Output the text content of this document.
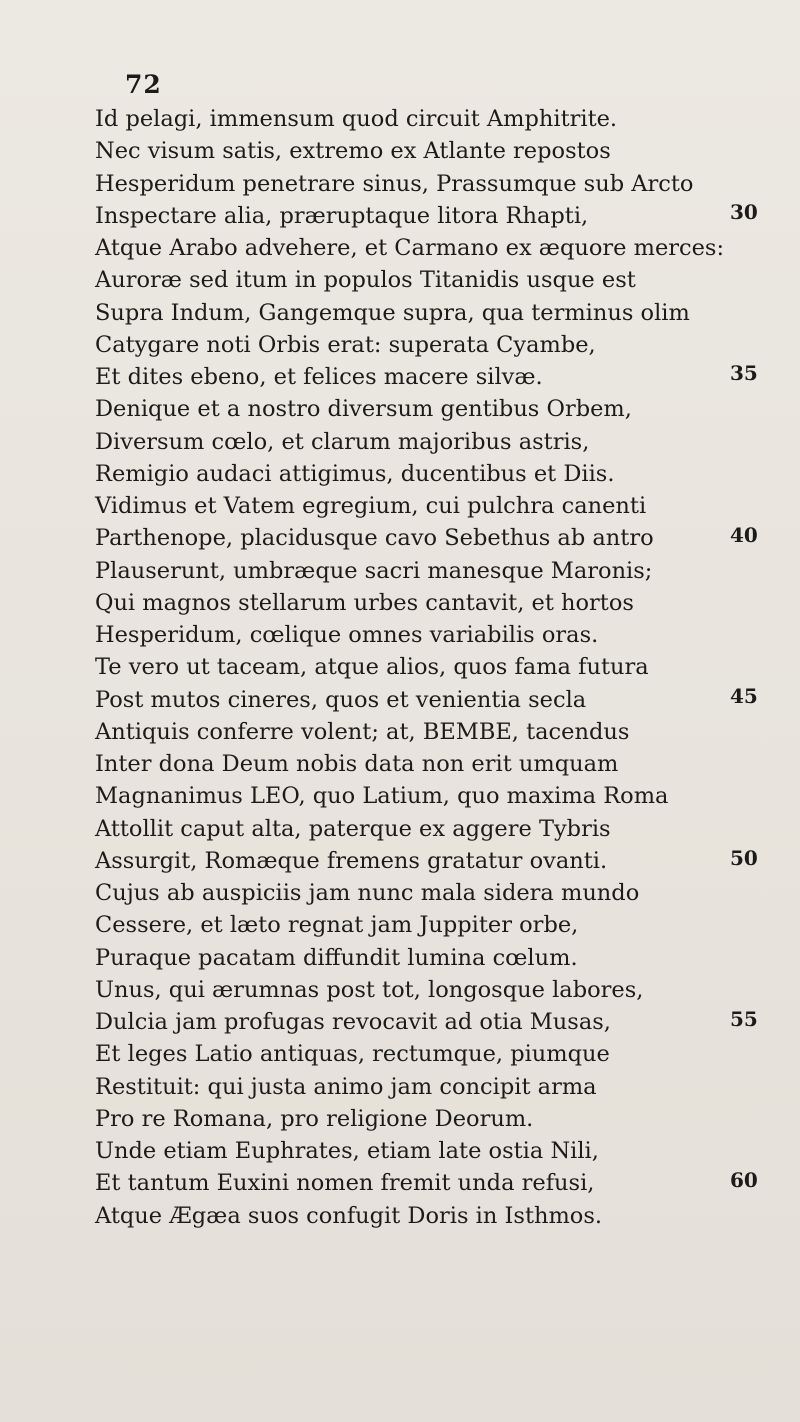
72
Id pelagi, immensum quod circuit Amphitrite.
Nec visum satis, extremo ex Atlante repostos
Hesperidum penetrare sinus, Prassumque sub Arcto
Inspectare alia, præruptaque litora Rhapti,
Atque Arabo advehere, et Carmano ex æquore merces:
Auroræ sed itum in populos Titanidis usque est
Supra Indum, Gangemque supra, qua terminus olim
Catygare noti Orbis erat: superata Cyambe,
Et dites ebeno, et felices macere silvæ.
Denique et a nostro diversum gentibus Orbem,
Diversum cœlo, et clarum majoribus astris,
Remigio audaci attigimus, ducentibus et Diis.
Vidimus et Vatem egregium, cui pulchra canenti
Parthenope, placidusque cavo Sebethus ab antro
Plauserunt, umbræque sacri manesque Maronis;
Qui magnos stellarum urbes cantavit, et hortos
Hesperidum, cœlique omnes variabilis oras.
Te vero ut taceam, atque alios, quos fama futura
Post mutos cineres, quos et venientia secla
Antiquis conferre volent; at, BEMBE, tacendus
Inter dona Deum nobis data non erit umquam
Magnanimus LEO, quo Latium, quo maxima Roma
Attollit caput alta, paterque ex aggere Tybris
Assurgit, Romæque fremens gratatur ovanti.
Cujus ab auspiciis jam nunc mala sidera mundo
Cessere, et læto regnat jam Juppiter orbe,
Puraque pacatam diffundit lumina cœlum.
Unus, qui ærumnas post tot, longosque labores,
Dulcia jam profugas revocavit ad otia Musas,
Et leges Latio antiquas, rectumque, piumque
Restituit: qui justa animo jam concipit arma
Pro re Romana, pro religione Deorum.
Unde etiam Euphrates, etiam late ostia Nili,
Et tantum Euxini nomen fremit unda refusi,
Atque Ægæa suos confugit Doris in Isthmos.
30
35
40
45
50
55
60
